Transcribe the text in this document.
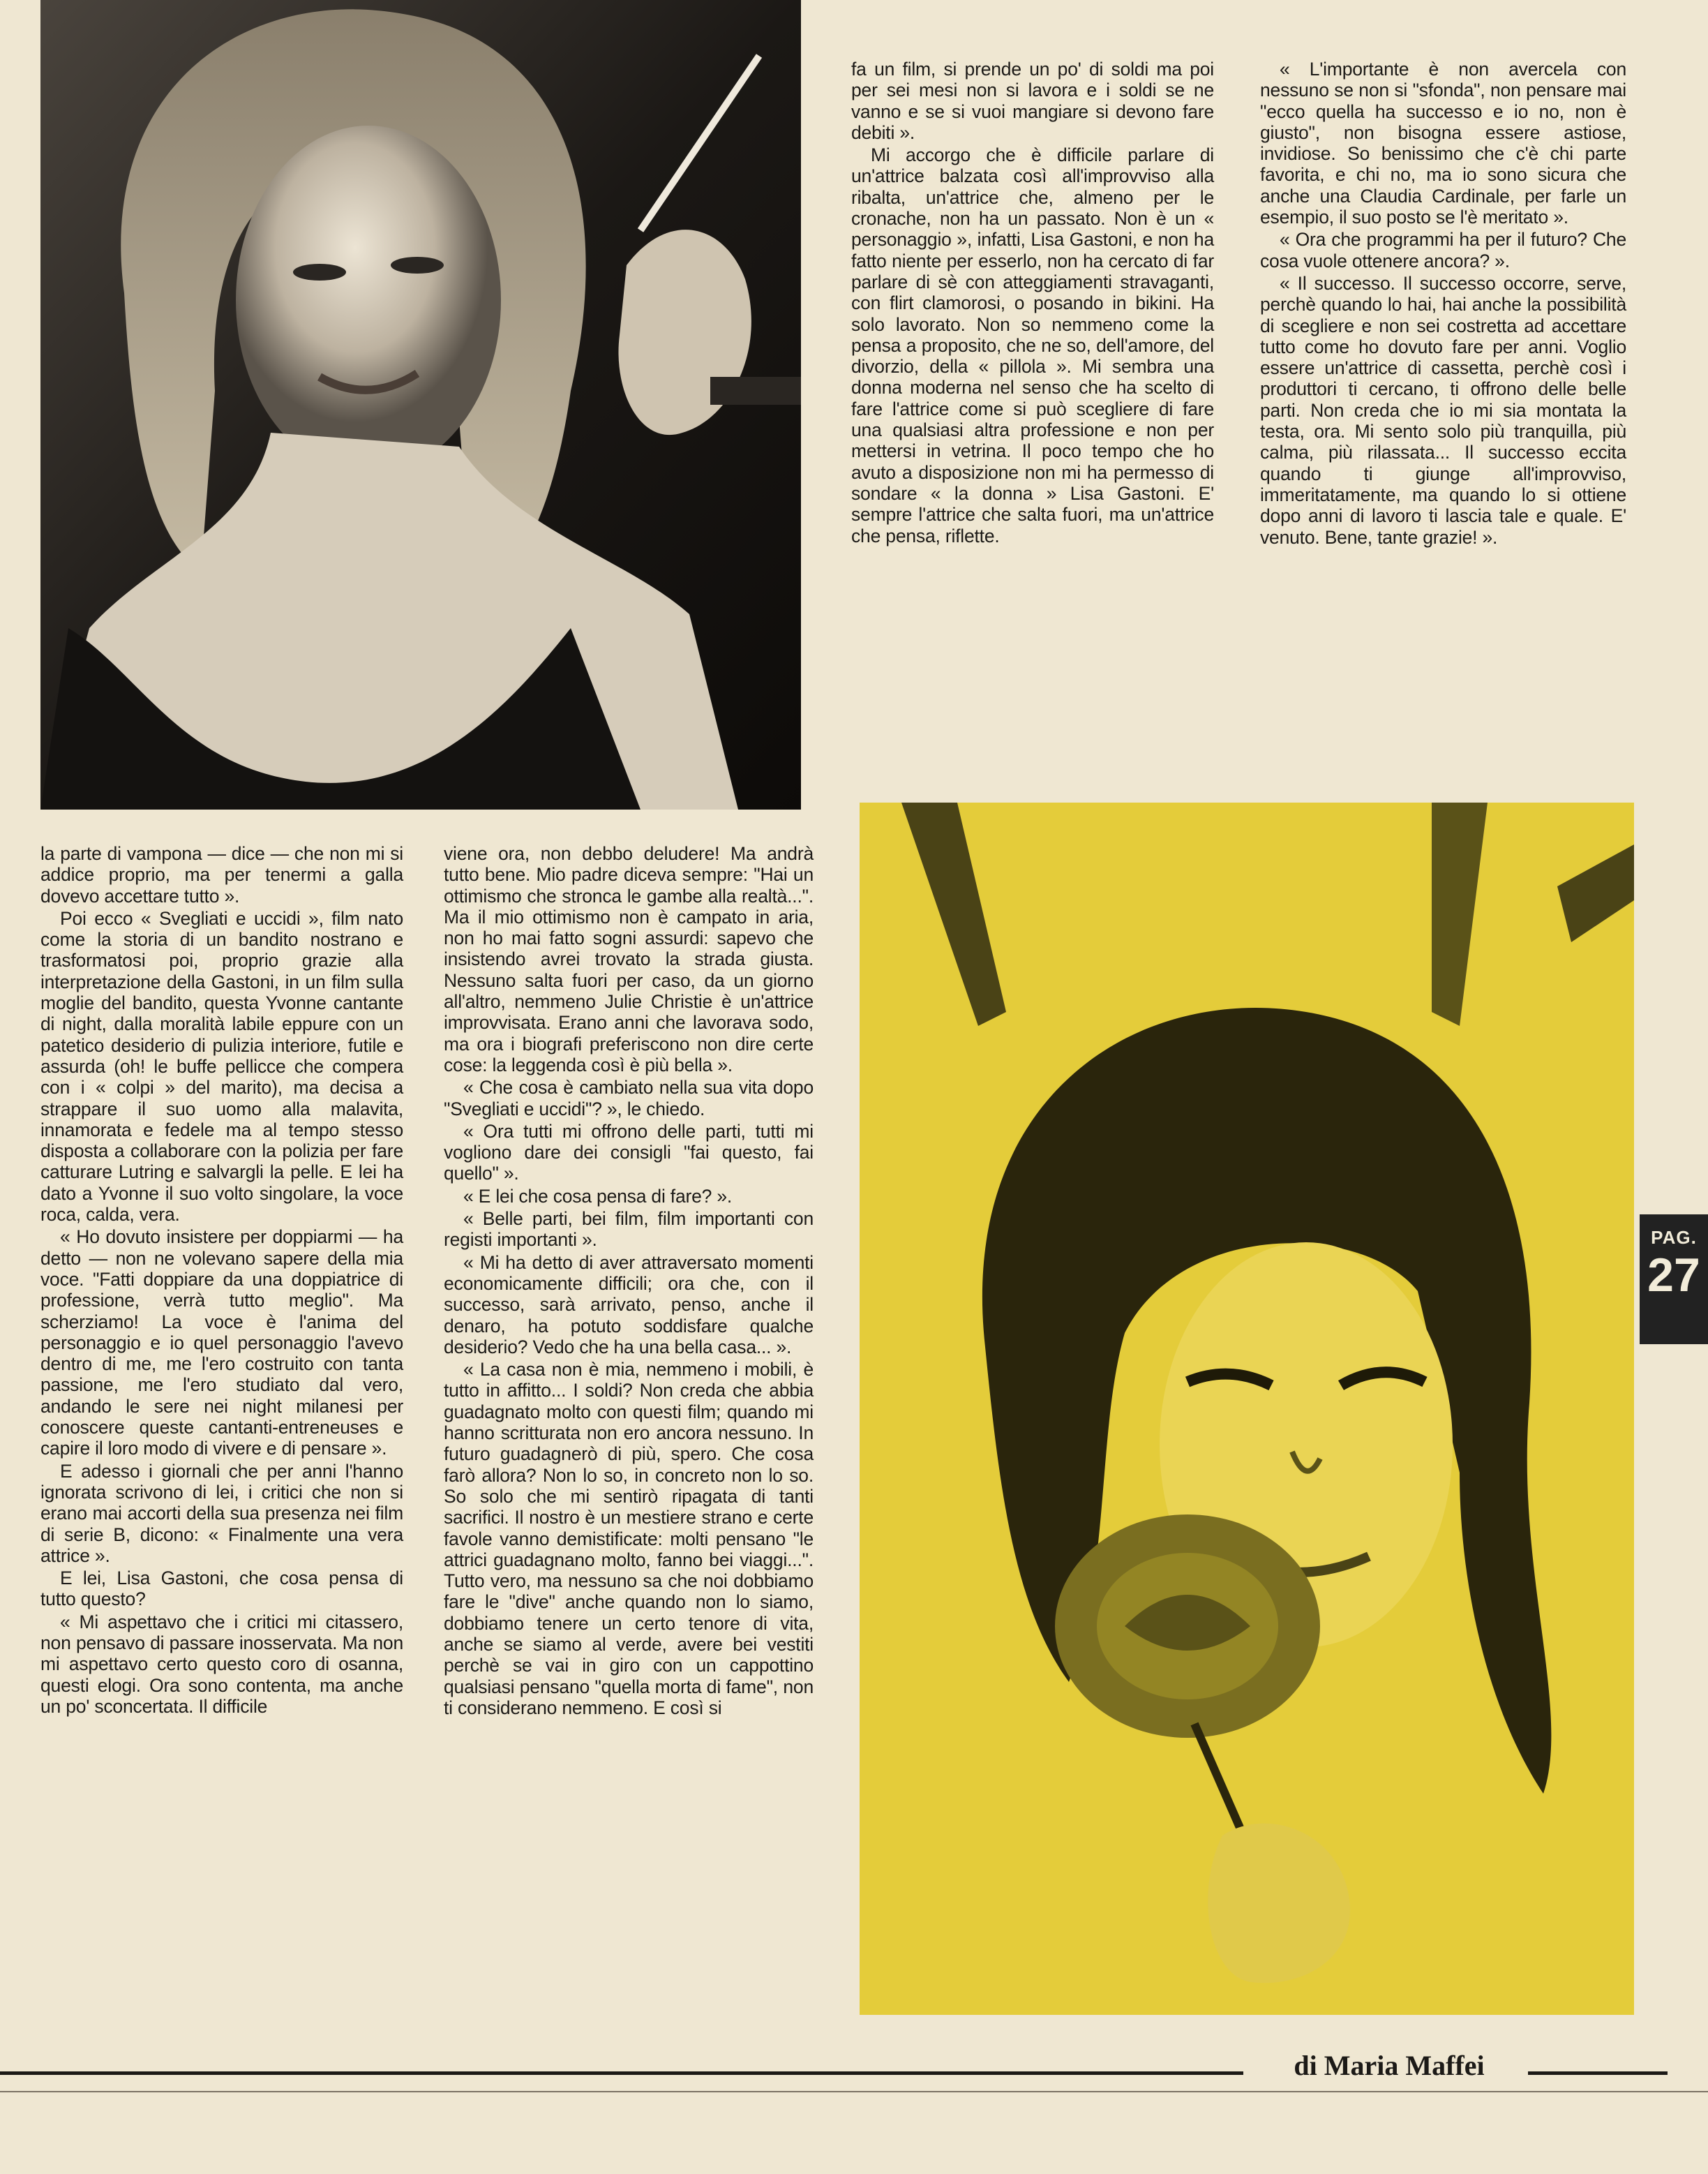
fa un film, si prende un po' di soldi ma poi per sei mesi non si lavora e i soldi se ne vanno e se si vuoi mangiare si devono fare debiti ».

Mi accorgo che è difficile parlare di un'attrice balzata così all'improvviso alla ribalta, un'attrice che, almeno per le cronache, non ha un passato. Non è un « personaggio », infatti, Lisa Gastoni, e non ha fatto niente per esserlo, non ha cercato di far parlare di sè con atteggiamenti stravaganti, con flirt clamorosi, o posando in bikini. Ha solo lavorato. Non so nemmeno come la pensa a proposito, che ne so, dell'amore, del divorzio, della « pillola ». Mi sembra una donna moderna nel senso che ha scelto di fare l'attrice come si può scegliere di fare una qualsiasi altra professione e non per mettersi in vetrina. Il poco tempo che ho avuto a disposizione non mi ha permesso di sondare « la donna » Lisa Gastoni. E' sempre l'attrice che salta fuori, ma un'attrice che pensa, riflette.

« L'importante è non avercela con nessuno se non si "sfonda", non pensare mai "ecco quella ha successo e io no, non è giusto", non bisogna essere astiose, invidiose. So benissimo che c'è chi parte favorita, e chi no, ma io sono sicura che anche una Claudia Cardinale, per farle un esempio, il suo posto se l'è meritato ».

« Ora che programmi ha per il futuro? Che cosa vuole ottenere ancora? ».

« Il successo. Il successo occorre, serve, perchè quando lo hai, hai anche la possibilità di scegliere e non sei costretta ad accettare tutto come ho dovuto fare per anni. Voglio essere un'attrice di cassetta, perchè così i produttori ti cercano, ti offrono delle belle parti. Non creda che io mi sia montata la testa, ora. Mi sento solo più tranquilla, più calma, più rilassata... Il successo eccita quando ti giunge all'improvviso, immeritatamente, ma quando lo si ottiene dopo anni di lavoro ti lascia tale e quale. E' venuto. Bene, tante grazie! ».

la parte di vampona — dice — che non mi si addice proprio, ma per tenermi a galla dovevo accettare tutto ».

Poi ecco « Svegliati e uccidi », film nato come la storia di un bandito nostrano e trasformatosi poi, proprio grazie alla interpretazione della Gastoni, in un film sulla moglie del bandito, questa Yvonne cantante di night, dalla moralità labile eppure con un patetico desiderio di pulizia interiore, futile e assurda (oh! le buffe pellicce che compera con i « colpi » del marito), ma decisa a strappare il suo uomo alla malavita, innamorata e fedele ma al tempo stesso disposta a collaborare con la polizia per fare catturare Lutring e salvargli la pelle. E lei ha dato a Yvonne il suo volto singolare, la voce roca, calda, vera.

« Ho dovuto insistere per doppiarmi — ha detto — non ne volevano sapere della mia voce. "Fatti doppiare da una doppiatrice di professione, verrà tutto meglio". Ma scherziamo! La voce è l'anima del personaggio e io quel personaggio l'avevo dentro di me, me l'ero costruito con tanta passione, me l'ero studiato dal vero, andando le sere nei night milanesi per conoscere queste cantanti-entreneuses e capire il loro modo di vivere e di pensare ».

E adesso i giornali che per anni l'hanno ignorata scrivono di lei, i critici che non si erano mai accorti della sua presenza nei film di serie B, dicono: « Finalmente una vera attrice ».

E lei, Lisa Gastoni, che cosa pensa di tutto questo?

« Mi aspettavo che i critici mi citassero, non pensavo di passare inosservata. Ma non mi aspettavo certo questo coro di osanna, questi elogi. Ora sono contenta, ma anche un po' sconcertata. Il difficile

viene ora, non debbo deludere! Ma andrà tutto bene. Mio padre diceva sempre: "Hai un ottimismo che stronca le gambe alla realtà...". Ma il mio ottimismo non è campato in aria, non ho mai fatto sogni assurdi: sapevo che insistendo avrei trovato la strada giusta. Nessuno salta fuori per caso, da un giorno all'altro, nemmeno Julie Christie è un'attrice improvvisata. Erano anni che lavorava sodo, ma ora i biografi preferiscono non dire certe cose: la leggenda così è più bella ».

« Che cosa è cambiato nella sua vita dopo "Svegliati e uccidi"? », le chiedo.

« Ora tutti mi offrono delle parti, tutti mi vogliono dare dei consigli "fai questo, fai quello" ».

« E lei che cosa pensa di fare? ».

« Belle parti, bei film, film importanti con registi importanti ».

« Mi ha detto di aver attraversato momenti economicamente difficili; ora che, con il successo, sarà arrivato, penso, anche il denaro, ha potuto soddisfare qualche desiderio? Vedo che ha una bella casa... ».

« La casa non è mia, nemmeno i mobili, è tutto in affitto... I soldi? Non creda che abbia guadagnato molto con questi film; quando mi hanno scritturata non ero ancora nessuno. In futuro guadagnerò di più, spero. Che cosa farò allora? Non lo so, in concreto non lo so. So solo che mi sentirò ripagata di tanti sacrifici. Il nostro è un mestiere strano e certe favole vanno demistificate: molti pensano "le attrici guadagnano molto, fanno bei viaggi...". Tutto vero, ma nessuno sa che noi dobbiamo fare le "dive" anche quando non lo siamo, dobbiamo tenere un certo tenore di vita, anche se siamo al verde, avere bei vestiti perchè se vai in giro con un cappottino qualsiasi pensano "quella morta di fame", non ti considerano nemmeno. E così si

PAG.
27
di Maria Maffei
